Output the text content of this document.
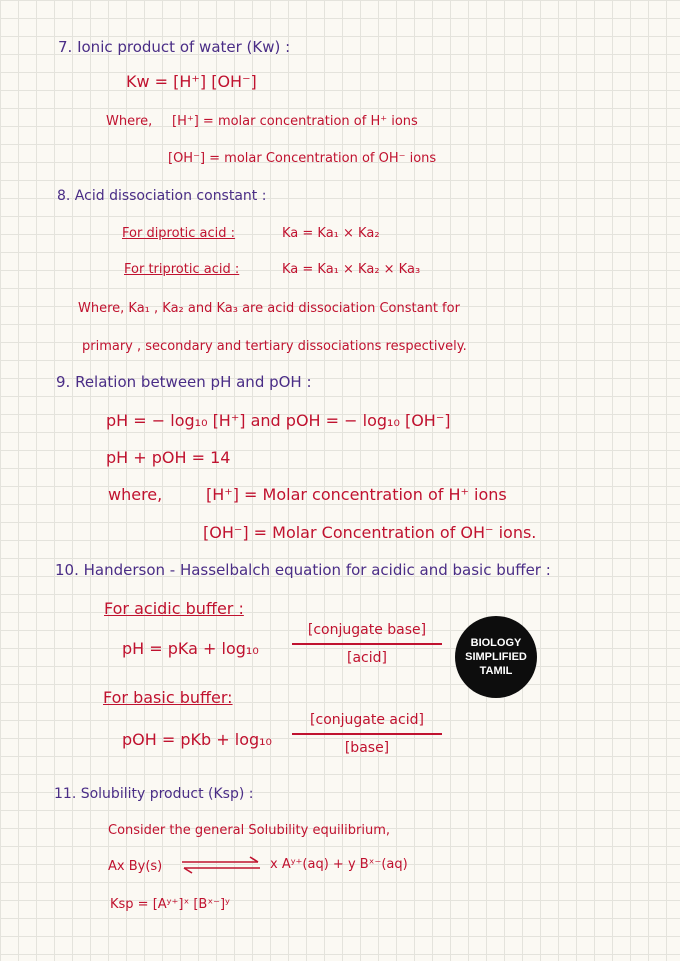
7. Ionic product of water (Kw) :
Kw = [H⁺] [OH⁻]
Where, [H⁺] = molar concentration of H⁺ ions
[OH⁻] = molar Concentration of OH⁻ ions
8. Acid dissociation constant :
For diprotic acid :	Ka = Ka₁ × Ka₂
For triprotic acid :	Ka = Ka₁ × Ka₂ × Ka₃
Where, Ka₁ , Ka₂ and Ka₃ are acid dissociation Constant for
primary , secondary and tertiary dissociations respectively.
9. Relation between pH and pOH :
pH = − log₁₀ [H⁺] and pOH = − log₁₀ [OH⁻]
pH + pOH = 14
where,	[H⁺] = Molar concentration of H⁺ ions
[OH⁻] = Molar Concentration of OH⁻ ions.
10. Handerson - Hasselbalch equation for acidic and basic buffer :
For acidic buffer :
pH = pKa + log₁₀
[conjugate base]
[acid]
For basic buffer:
pOH = pKb + log₁₀
[conjugate acid]
[base]
BIOLOGY
SIMPLIFIED
TAMIL
11. Solubility product (Ksp) :
Consider the general Solubility equilibrium,
Ax By(s)	x Aʸ⁺(aq) + y Bˣ⁻(aq)
Ksp = [Aʸ⁺]ˣ [Bˣ⁻]ʸ
